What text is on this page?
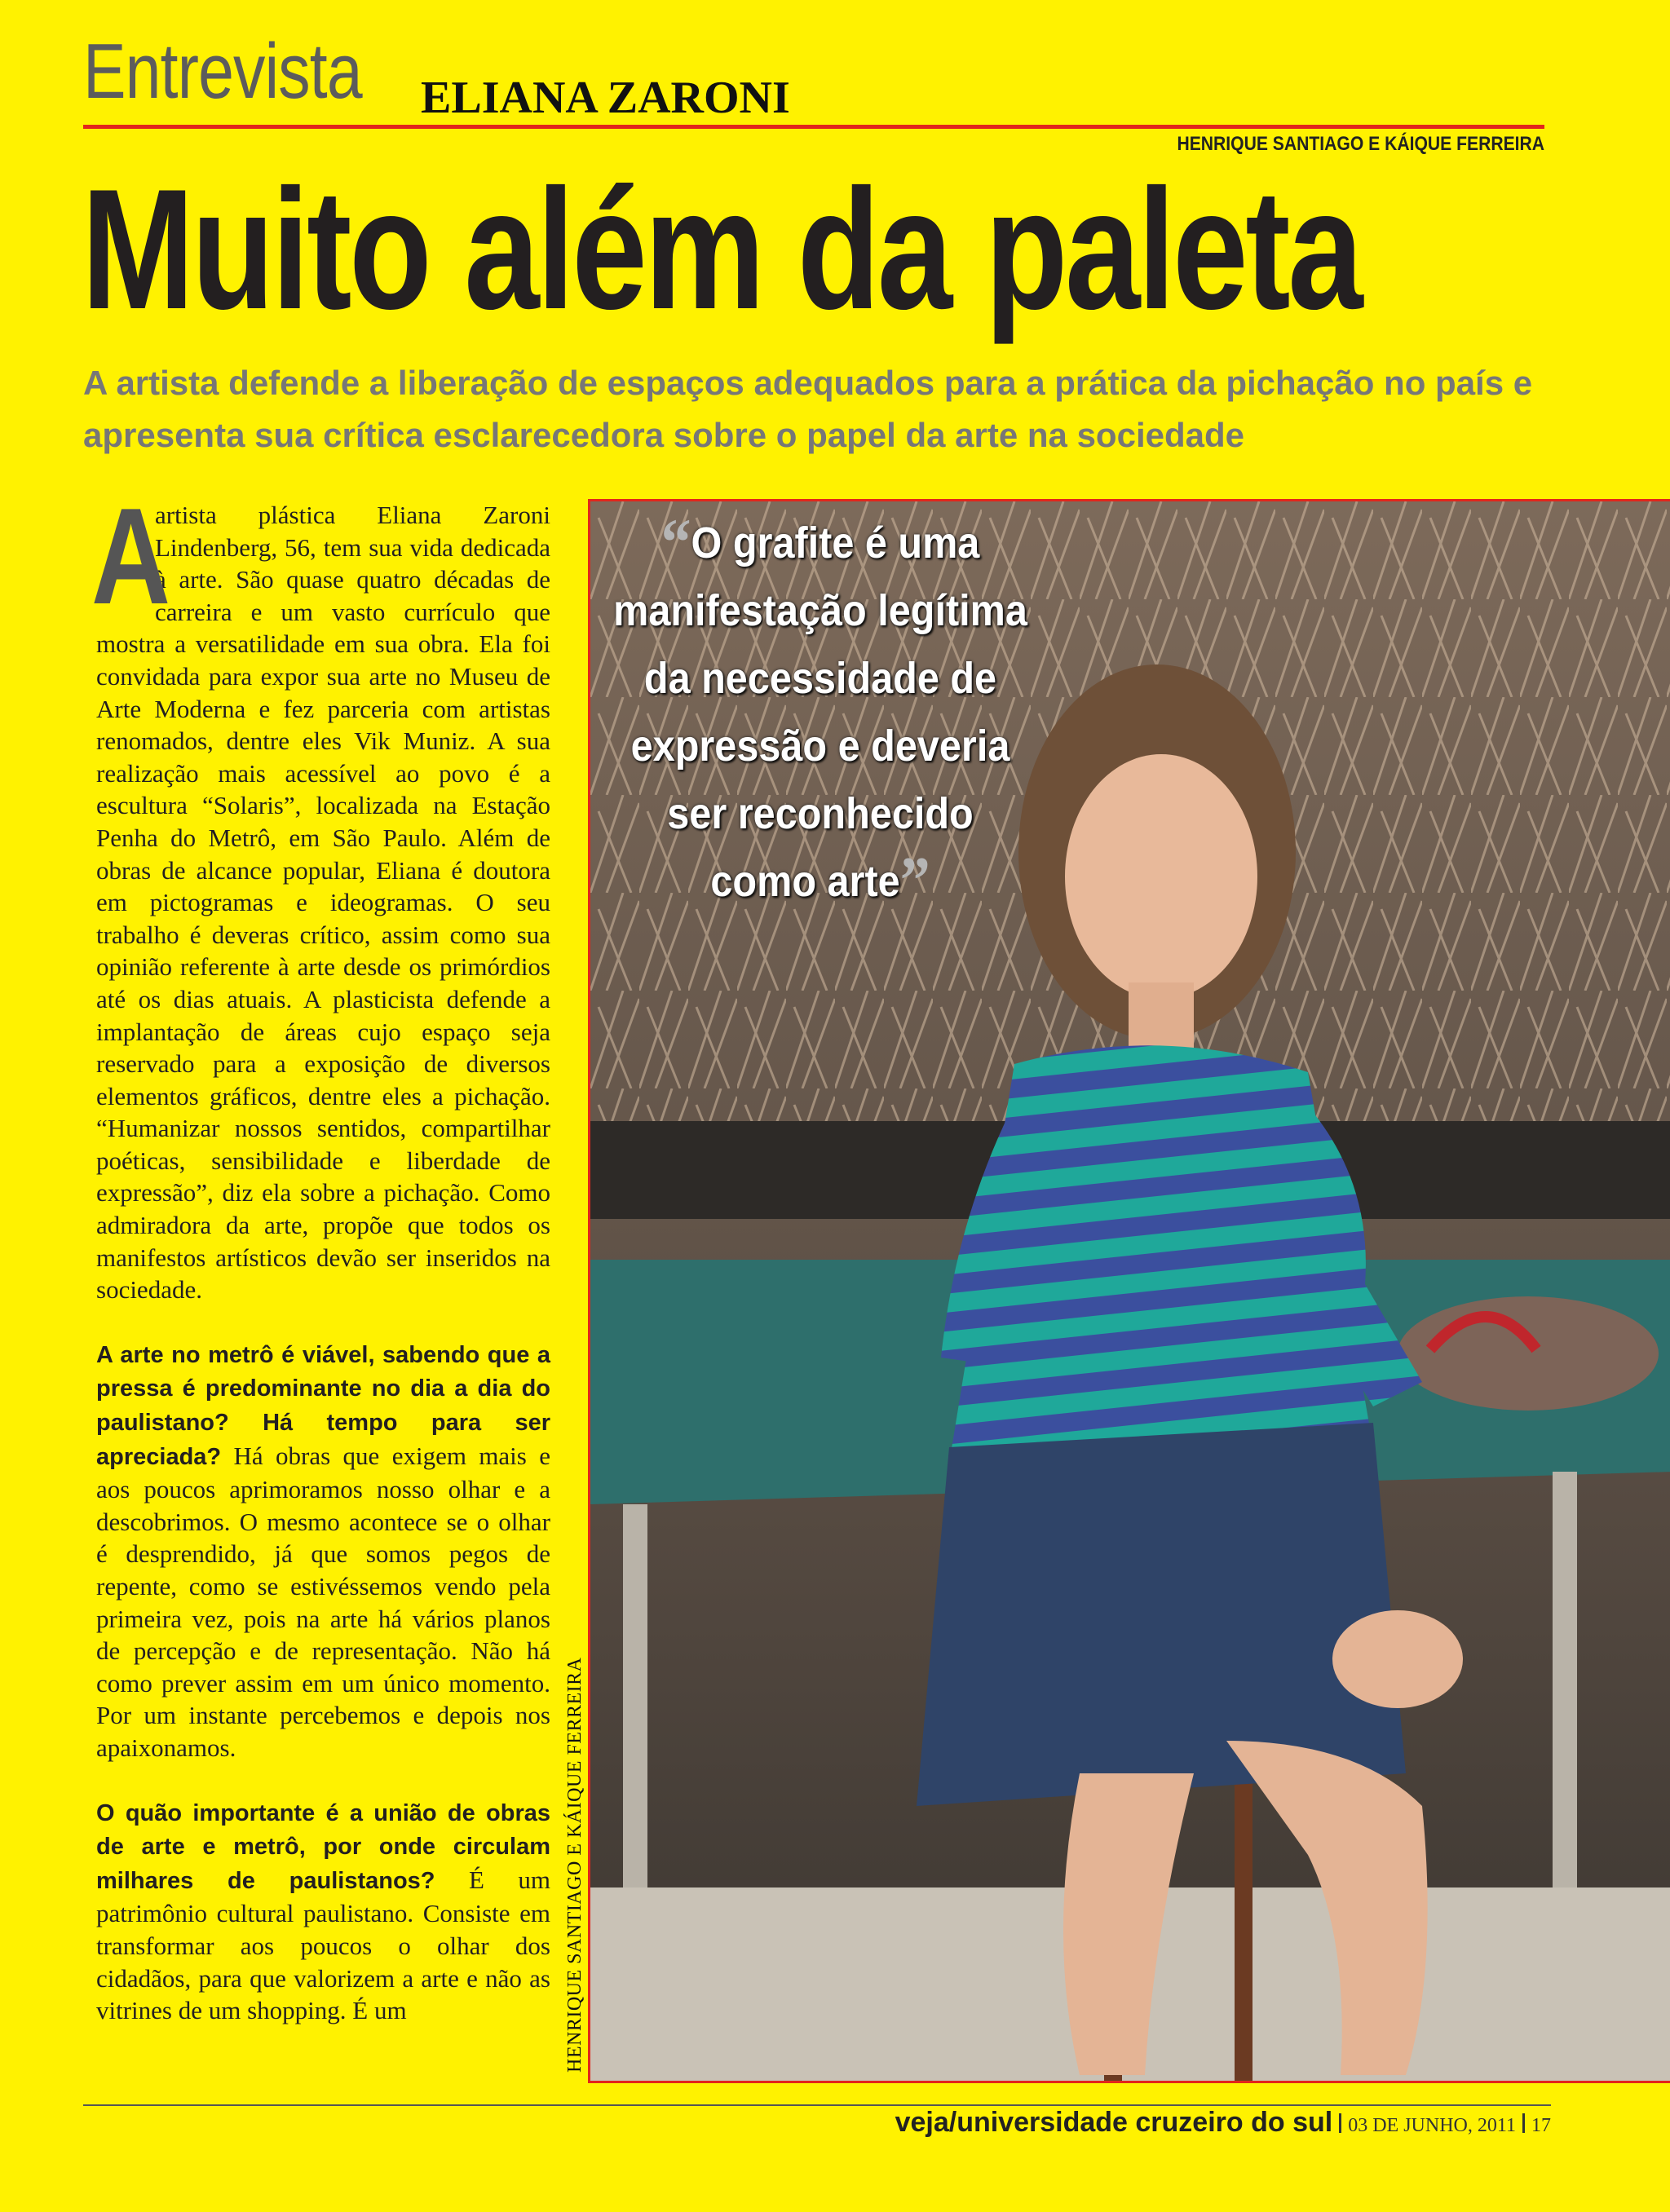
Entrevista ELIANA ZARONI
HENRIQUE SANTIAGO E KÁIQUE FERREIRA
Muito além da paleta
A artista defende a liberação de espaços adequados para a prática da pichação no país e apresenta sua crítica esclarecedora sobre o papel da arte na sociedade

A
artista plástica Eliana Zaroni Lindenberg, 56, tem sua vida dedicada à arte. São quase quatro décadas de carreira e um vasto currículo que mostra a versatilidade em sua obra. Ela foi convidada para expor sua arte no Museu de Arte Moderna e fez parceria com artistas renomados, dentre eles Vik Muniz. A sua realização mais acessível ao povo é a escultura “Solaris”, localizada na Estação Penha do Metrô, em São Paulo. Além de obras de alcance popular, Eliana é doutora em pictogramas e ideogramas. O seu trabalho é deveras crítico, assim como sua opinião referente à arte desde os primórdios até os dias atuais. A plasticista defende a implantação de áreas cujo espaço seja reservado para a exposição de diversos elementos gráficos, dentre eles a pichação. “Humanizar nossos sentidos, compartilhar poéticas, sensibilidade e liberdade de expressão”, diz ela sobre a pichação. Como admiradora da arte, propõe que todos os manifestos artísticos devão ser inseridos na sociedade.

A arte no metrô é viável, sabendo que a pressa é predominante no dia a dia do paulistano? Há tempo para ser apreciada? Há obras que exigem mais e aos poucos aprimoramos nosso olhar e a descobrimos. O mesmo acontece se o olhar é desprendido, já que somos pegos de repente, como se estivéssemos vendo pela primeira vez, pois na arte há vários planos de percepção e de representação. Não há como prever assim em um único momento. Por um instante percebemos e depois nos apaixonamos.

O quão importante é a união de obras de arte e metrô, por onde circulam milhares de paulistanos? É um patrimônio cultural paulistano. Consiste em transformar aos poucos o olhar dos cidadãos, para que valorizem a arte e não as vitrines de um shopping. É um	HENRIQUE SANTIAGO E KÁIQUE FERREIRA
“O grafite é uma manifestação legítima da necessidade de expressão e deveria ser reconhecido como arte”
veja/universidade cruzeiro do sul 03 DE JUNHO, 2011 17
